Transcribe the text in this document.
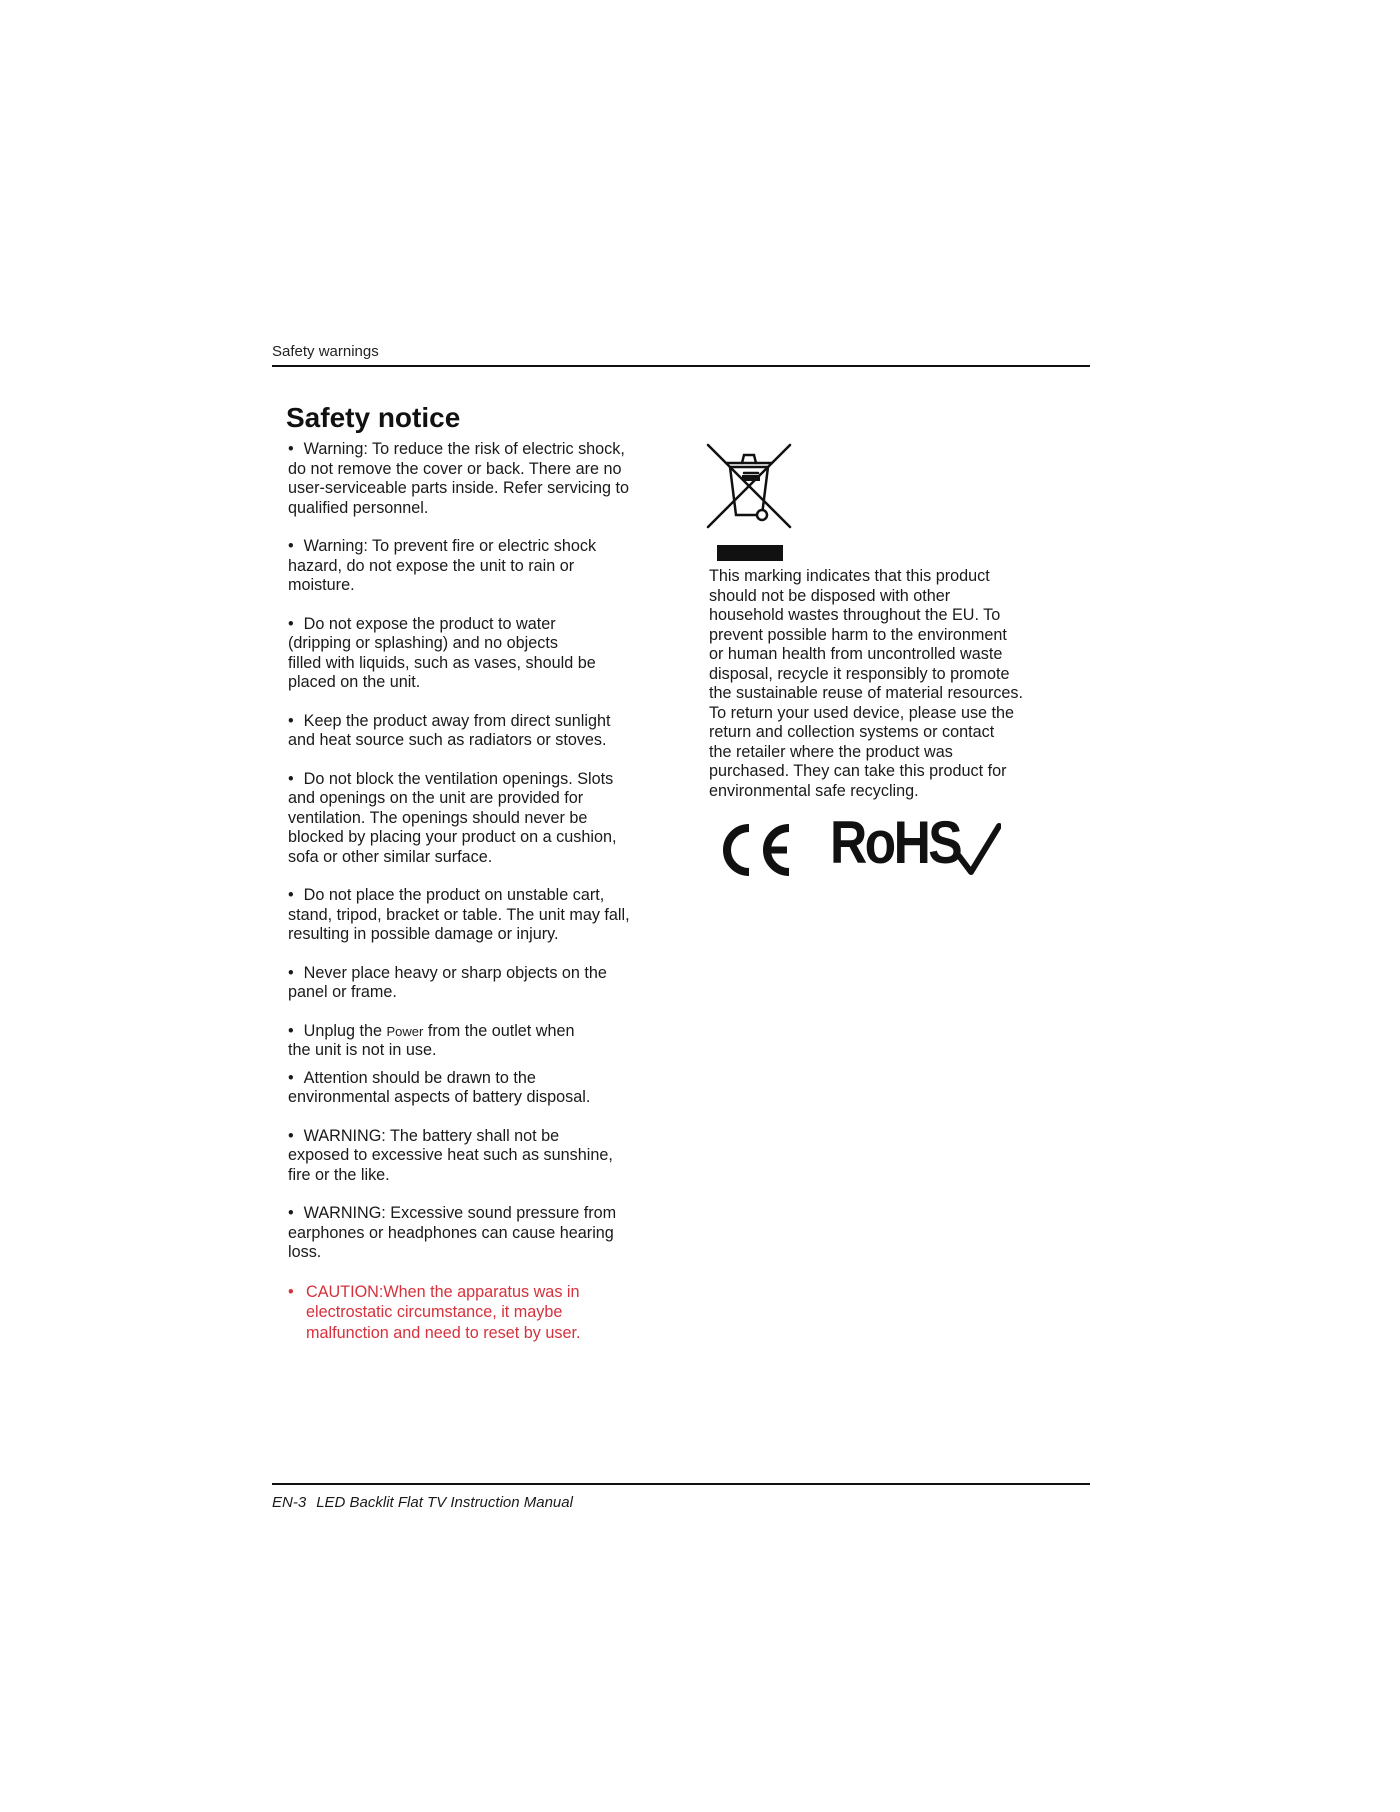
Safety warnings
Safety notice

• Warning: To reduce the risk of electric shock,
do not remove the cover or back. There are no
user-serviceable parts inside. Refer servicing to
qualified personnel.

• Warning: To prevent fire or electric shock
hazard, do not expose the unit to rain or
moisture.

• Do not expose the product to water
(dripping or splashing) and no objects
filled with liquids, such as vases, should be
placed on the unit.

• Keep the product away from direct sunlight
and heat source such as radiators or stoves.

• Do not block the ventilation openings. Slots
and openings on the unit are provided for
ventilation. The openings should never be
blocked by placing your product on a cushion,
sofa or other similar surface.

• Do not place the product on unstable cart,
stand, tripod, bracket or table. The unit may fall,
resulting in possible damage or injury.

• Never place heavy or sharp objects on the
panel or frame.

• Unplug the Power from the outlet when
the unit is not in use.

• Attention should be drawn to the
environmental aspects of battery disposal.

• WARNING: The battery shall not be
exposed to excessive heat such as sunshine,
fire or the like.

• WARNING: Excessive sound pressure from
earphones or headphones can cause hearing
loss.

• CAUTION:When the apparatus was in
electrostatic circumstance, it maybe
malfunction and need to reset by user.

This marking indicates that this product
should not be disposed with other
household wastes throughout the EU. To
prevent possible harm to the environment
or human health from uncontrolled waste
disposal, recycle it responsibly to promote
the sustainable reuse of material resources.
To return your used device, please use the
return and collection systems or contact
the retailer where the product was
purchased. They can take this product for
environmental safe recycling.
RoHS
EN-3 LED Backlit Flat TV Instruction Manual
